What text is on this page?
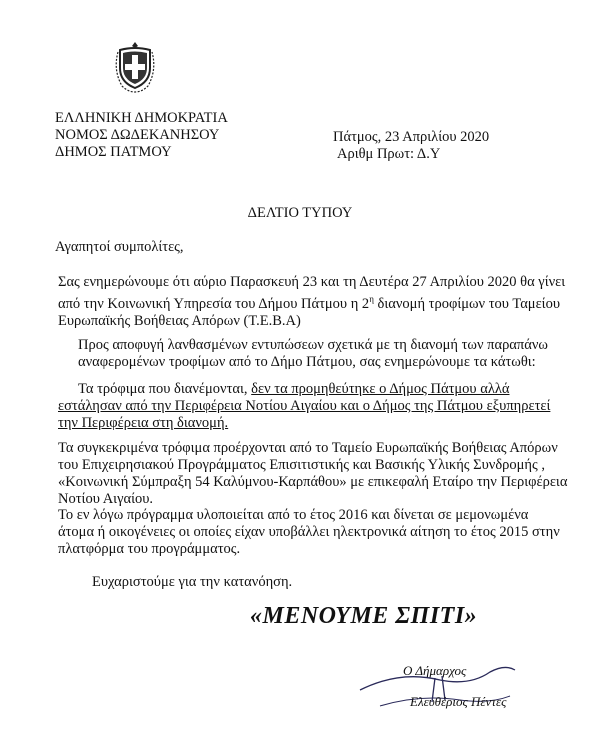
ΕΛΛΗΝΙΚΗ ΔΗΜΟΚΡΑΤΙΑ
ΝΟΜΟΣ ΔΩΔΕΚΑΝΗΣΟΥ
ΔΗΜΟΣ ΠΑΤΜΟΥ
Πάτμος, 23 Απριλίου 2020
Αριθμ Πρωτ: Δ.Υ
ΔΕΛΤΙΟ ΤΥΠΟΥ

Αγαπητοί συμπολίτες,

Σας ενημερώνουμε ότι αύριο Παρασκευή 23 και τη Δευτέρα 27 Απριλίου 2020 θα γίνει από την Κοινωνική Υπηρεσία του Δήμου Πάτμου η $2^\eta$ διανομή τροφίμων του Ταμείου Ευρωπαϊκής Βοήθειας Απόρων (Τ.Ε.Β.Α)

Προς αποφυγή λανθασμένων εντυπώσεων σχετικά με τη διανομή των παραπάνω αναφερομένων τροφίμων από το Δήμο Πάτμου, σας ενημερώνουμε τα κάτωθι:

Τα τρόφιμα που διανέμονται, δεν τα προμηθεύτηκε ο Δήμος Πάτμου αλλά εστάλησαν από την Περιφέρεια Νοτίου Αιγαίου και ο Δήμος της Πάτμου εξυπηρετεί την Περιφέρεια στη διανομή.

Τα συγκεκριμένα τρόφιμα προέρχονται από το Ταμείο Ευρωπαϊκής Βοήθειας Απόρων του Επιχειρησιακού Προγράμματος Επισιτιστικής και Βασικής Υλικής Συνδρομής , «Κοινωνική Σύμπραξη 54 Καλύμνου-Καρπάθου» με επικεφαλή Εταίρο την Περιφέρεια Νοτίου Αιγαίου.

Το εν λόγω πρόγραμμα υλοποιείται από το έτος 2016 και δίνεται σε μεμονωμένα άτομα ή οικογένειες οι οποίες είχαν υποβάλλει ηλεκτρονικά αίτηση το έτος 2015 στην πλατφόρμα του προγράμματος.

Ευχαριστούμε για την κατανόηση.
«ΜΕΝΟΥΜΕ ΣΠΙΤΙ»
Ο Δήμαρχος
Ελευθέριος Πέντες
